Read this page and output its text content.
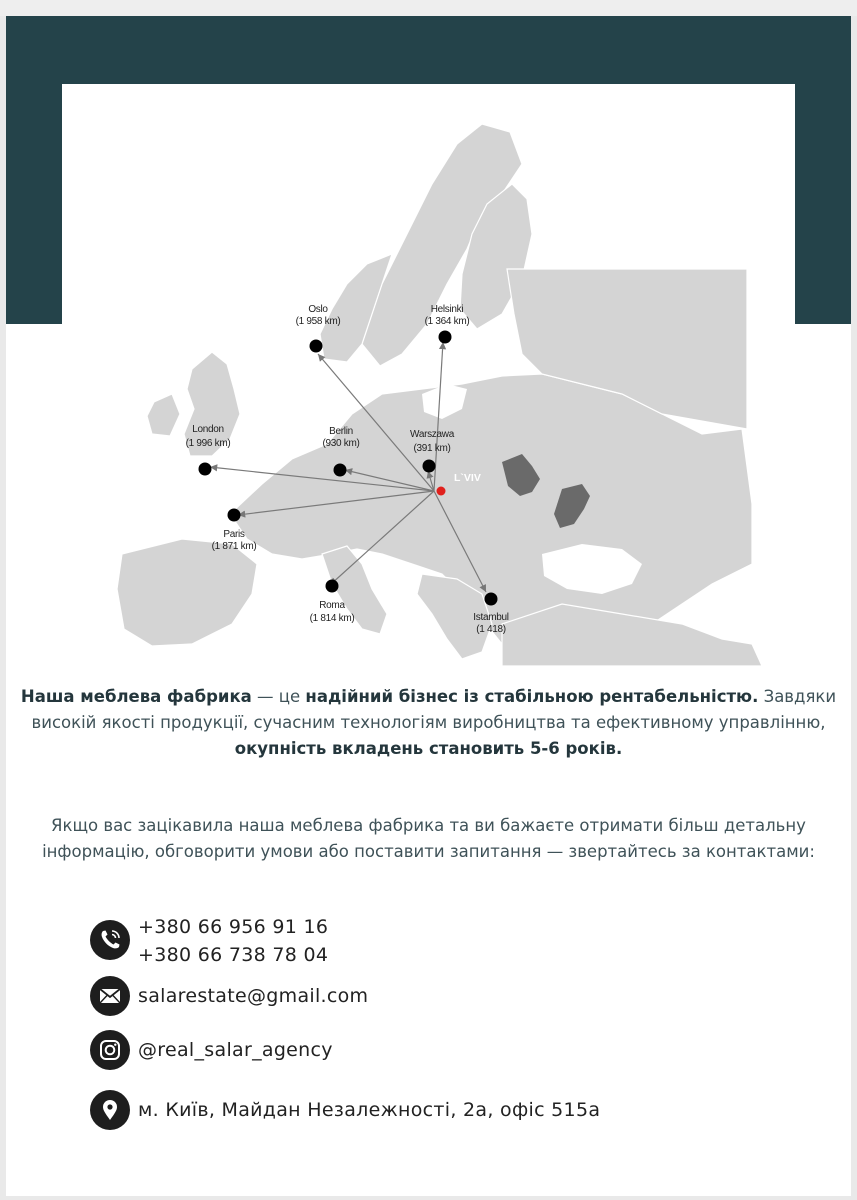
L`VIV
Oslo
(1 958 km)
Helsinki
(1 364 km)
London
(1 996 km)
Berlin
(930 km)
Warszawa
(391 km)
Paris
(1 871 km)
Roma
(1 814 km)	Istambul
(1 418)
Наша меблева фабрика — це надійний бізнес із стабільною рентабельністю. Завдяки високій якості продукції, сучасним технологіям виробництва та ефективному управлінню, окупність вкладень становить 5-6 років.
Якщо вас зацікавила наша меблева фабрика та ви бажаєте отримати більш детальну інформацію, обговорити умови або поставити запитання — звертайтесь за контактами:
+380 66 956 91 16
+380 66 738 78 04
salarestate@gmail.com
@real_salar_agency
м. Київ, Майдан Незалежності, 2а, офіс 515а
